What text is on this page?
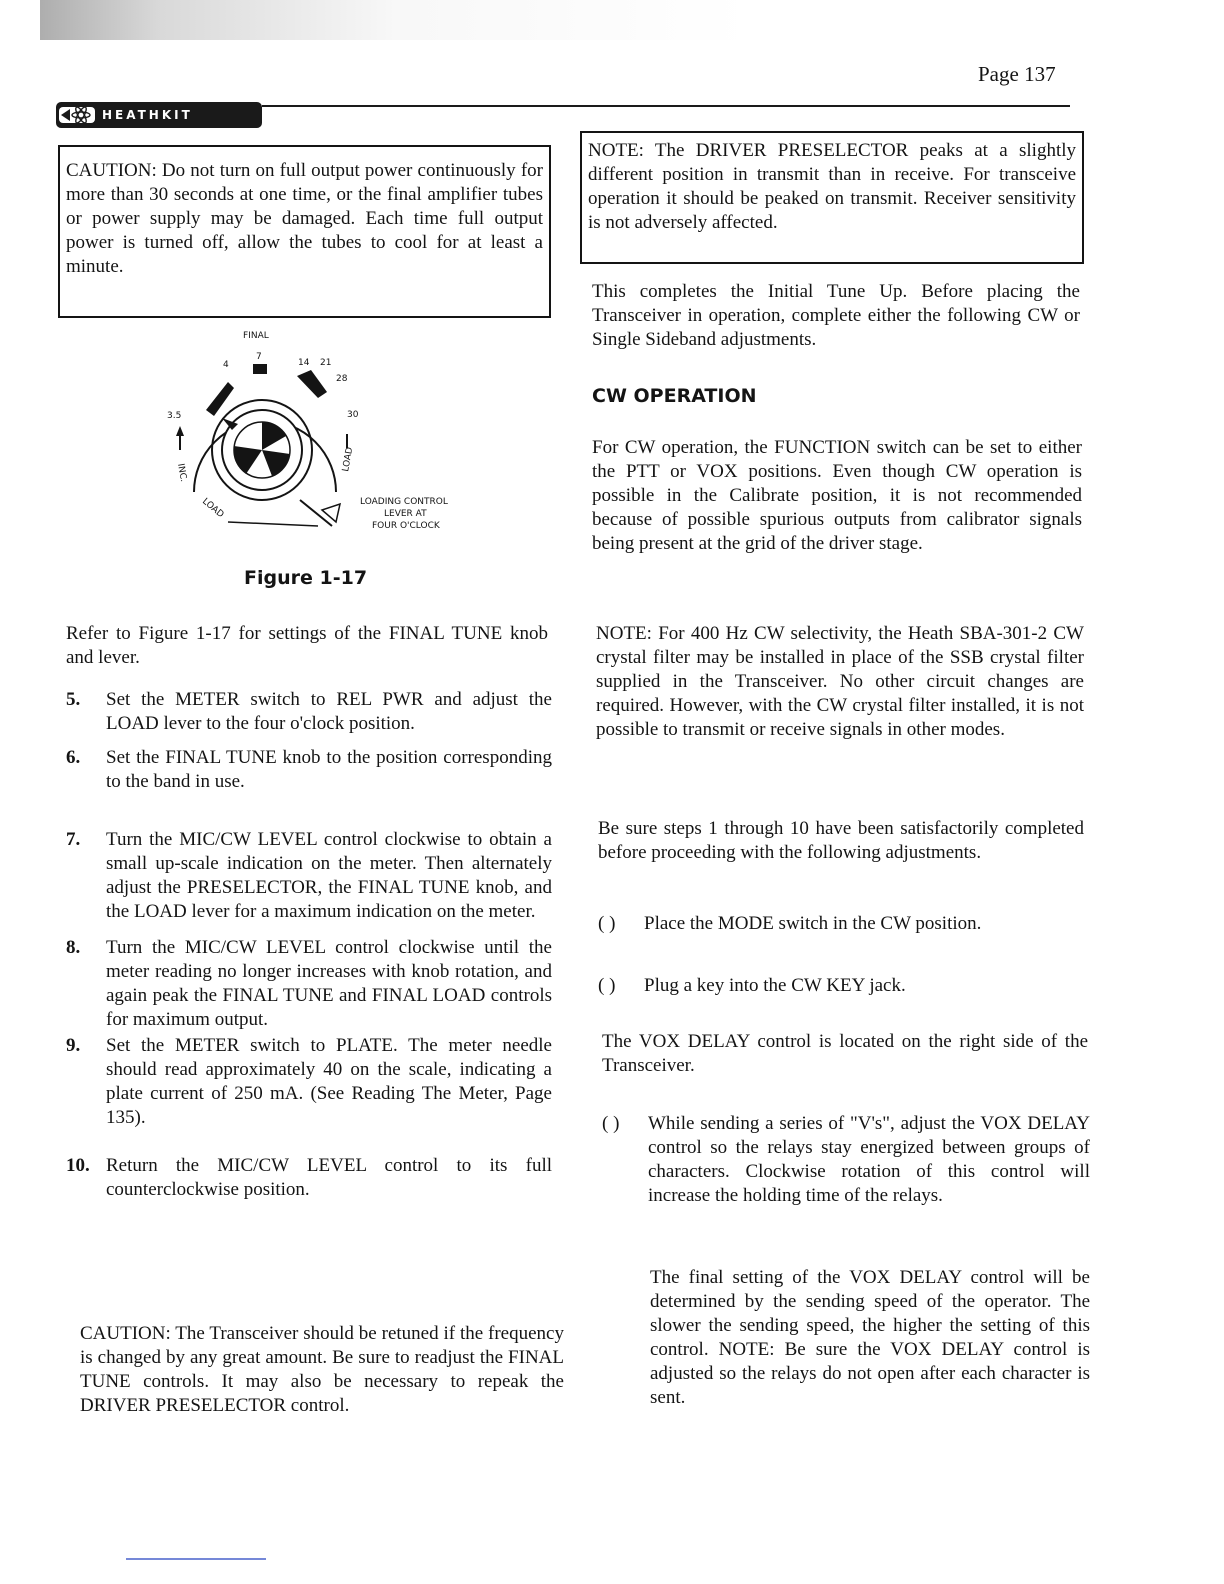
Page 137
HEATHKIT
CAUTION: Do not turn on full output power continuously for more than 30 seconds at one time, or the final amplifier tubes or power supply may be damaged. Each time full output power is turned off, allow the tubes to cool for at least a minute.
FINAL
3.5
4
7
14 21
28
30
INC.
LOAD
LOAD
LOADING CONTROL
LEVER AT
FOUR O'CLOCK
Figure 1-17
Refer to Figure 1-17 for settings of the FINAL TUNE knob and lever.
5.	Set the METER switch to REL PWR and adjust the LOAD lever to the four o'clock position.
6.	Set the FINAL TUNE knob to the position corresponding to the band in use.
7.	Turn the MIC/CW LEVEL control clockwise to obtain a small up-scale indication on the meter. Then alternately adjust the PRESELECTOR, the FINAL TUNE knob, and the LOAD lever for a maximum indication on the meter.
8.	Turn the MIC/CW LEVEL control clockwise until the meter reading no longer increases with knob rotation, and again peak the FINAL TUNE and FINAL LOAD controls for maximum output.
9.	Set the METER switch to PLATE. The meter needle should read approximately 40 on the scale, indicating a plate current of 250 mA. (See Reading The Meter, Page 135).
10. Return the MIC/CW LEVEL control to its full counterclockwise position.
CAUTION: The Transceiver should be retuned if the frequency is changed by any great amount. Be sure to readjust the FINAL TUNE controls. It may also be necessary to repeak the DRIVER PRESELECTOR control.
NOTE: The DRIVER PRESELECTOR peaks at a slightly different position in transmit than in receive. For transceive operation it should be peaked on transmit. Receiver sensitivity is not adversely affected.
This completes the Initial Tune Up. Before placing the Transceiver in operation, complete either the following CW or Single Sideband adjustments.
CW OPERATION
For CW operation, the FUNCTION switch can be set to either the PTT or VOX positions. Even though CW operation is possible in the Calibrate position, it is not recommended because of possible spurious outputs from calibrator signals being present at the grid of the driver stage.
NOTE: For 400 Hz CW selectivity, the Heath SBA-301-2 CW crystal filter may be installed in place of the SSB crystal filter supplied in the Transceiver. No other circuit changes are required. However, with the CW crystal filter installed, it is not possible to transmit or receive signals in other modes.
Be sure steps 1 through 10 have been satisfactorily completed before proceeding with the following adjustments.
( )	Place the MODE switch in the CW position.
( )	Plug a key into the CW KEY jack.
The VOX DELAY control is located on the right side of the Transceiver.
( )	While sending a series of "V's", adjust the VOX DELAY control so the relays stay energized between groups of characters. Clockwise rotation of this control will increase the holding time of the relays.
The final setting of the VOX DELAY control will be determined by the sending speed of the operator. The slower the sending speed, the higher the setting of this control. NOTE: Be sure the VOX DELAY control is adjusted so the relays do not open after each character is sent.
